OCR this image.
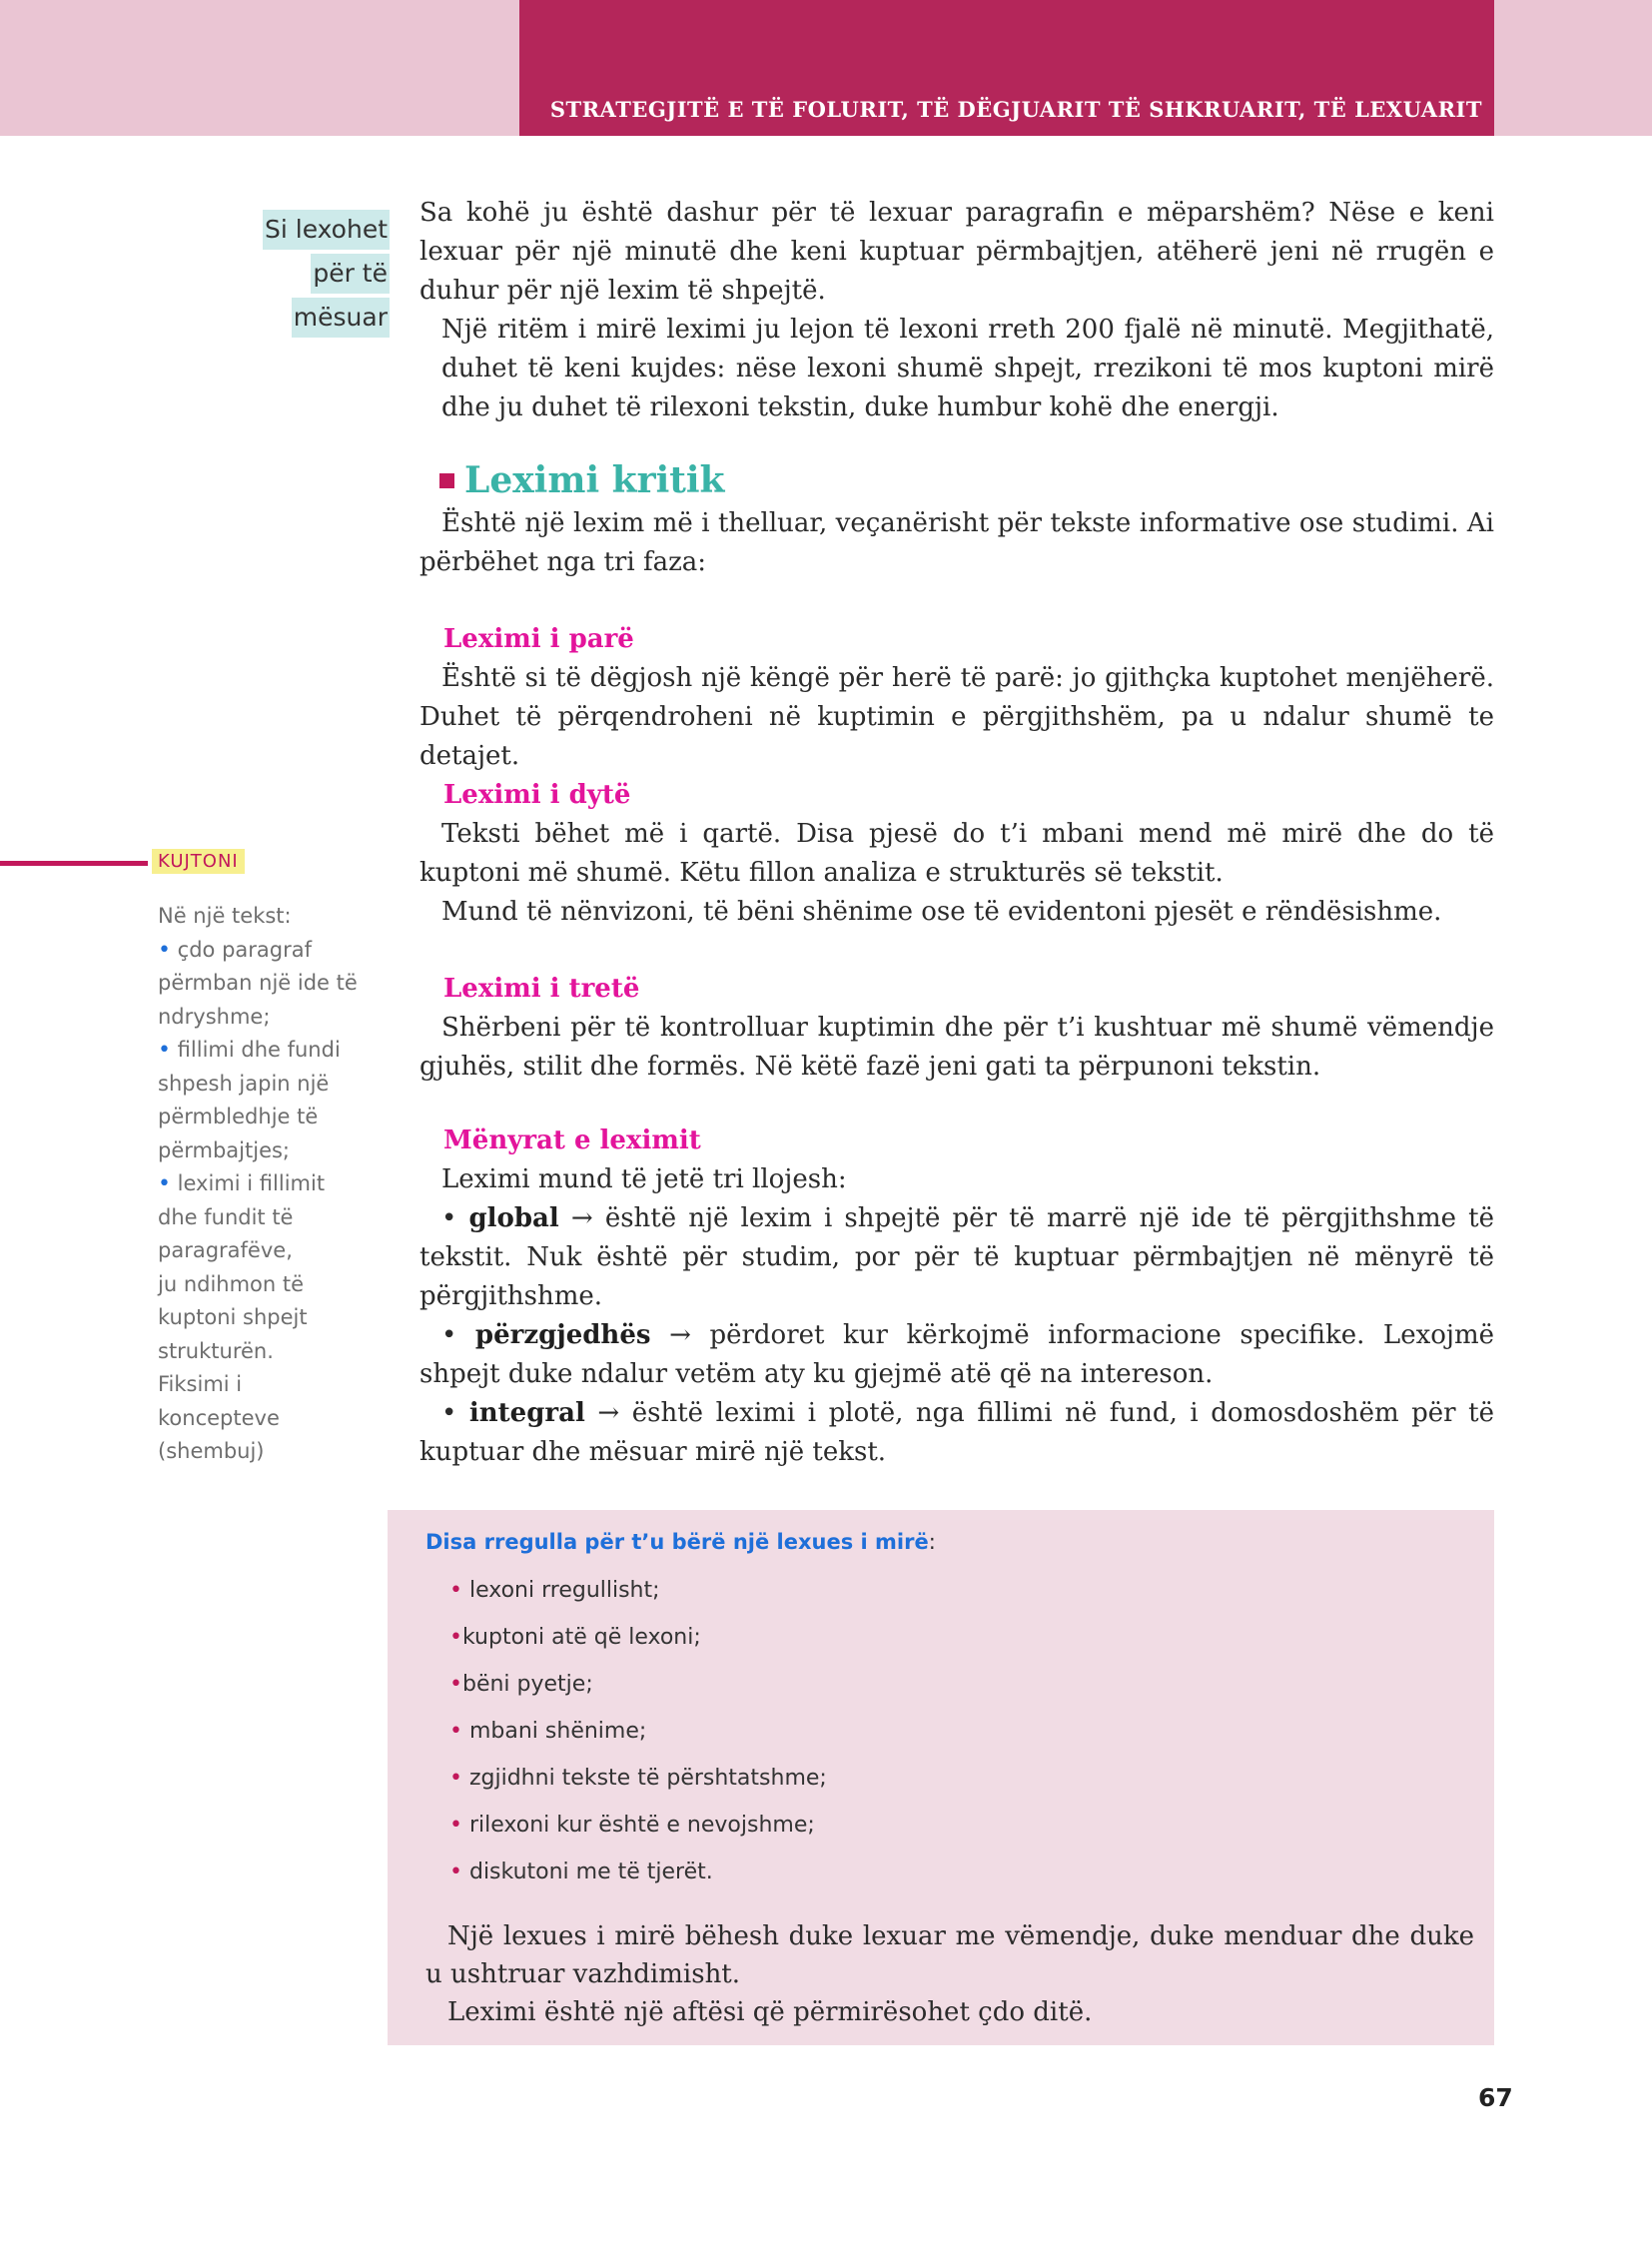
STRATEGJITË E TË FOLURIT, TË DËGJUARIT TË SHKRUARIT, TË LEXUARIT
Si lexohet
për të
mësuar

Sa kohë ju është dashur për të lexuar paragrafin e mëparshëm? Nëse e keni lexuar për një minutë dhe keni kuptuar përmbajtjen, atëherë jeni në rrugën e duhur për një lexim të shpejtë.

Një ritëm i mirë leximi ju lejon të lexoni rreth 200 fjalë në minutë. Megjithatë, duhet të keni kujdes: nëse lexoni shumë shpejt, rrezikoni të mos kuptoni mirë dhe ju duhet të rilexoni tekstin, duke humbur kohë dhe energji.

Leximi kritik

Është një lexim më i thelluar, veçanërisht për tekste informative ose studimi. Ai përbëhet nga tri faza:

Leximi i parë

Është si të dëgjosh një këngë për herë të parë: jo gjithçka kuptohet menjëherë. Duhet të përqendroheni në kuptimin e përgjithshëm, pa u ndalur shumë te detajet.

Leximi i dytë

Teksti bëhet më i qartë. Disa pjesë do t’i mbani mend më mirë dhe do të kuptoni më shumë. Këtu fillon analiza e strukturës së tekstit.

Mund të nënvizoni, të bëni shënime ose të evidentoni pjesët e rëndësishme.

Leximi i tretë

Shërbeni për të kontrolluar kuptimin dhe për t’i kushtuar më shumë vëmendje gjuhës, stilit dhe formës. Në këtë fazë jeni gati ta përpunoni tekstin.

Mënyrat e leximit

Leximi mund të jetë tri llojesh:

• global → është një lexim i shpejtë për të marrë një ide të përgjithshme të tekstit. Nuk është për studim, por për të kuptuar përmbajtjen në mënyrë të përgjithshme.

• përzgjedhës → përdoret kur kërkojmë informacione specifike. Lexojmë shpejt duke ndalur vetëm aty ku gjejmë atë që na intereson.

• integral → është leximi i plotë, nga fillimi në fund, i domosdoshëm për të kuptuar dhe mësuar mirë një tekst.

KUJTONI
Në një tekst:
• çdo paragraf
përmban një ide të
ndryshme;
• fillimi dhe fundi
shpesh japin një
përmbledhje të
përmbajtjes;
• leximi i fillimit
dhe fundit të
paragrafëve,
ju ndihmon të
kuptoni shpejt
strukturën.
Fiksimi i
koncepteve
(shembuj)
Disa rregulla për t’u bërë një lexues i mirë:
• lexoni rregullisht;
•kuptoni atë që lexoni;
•bëni pyetje;
• mbani shënime;
• zgjidhni tekste të përshtatshme;
• rilexoni kur është e nevojshme;
• diskutoni me të tjerët.
Një lexues i mirë bëhesh duke lexuar me vëmendje, duke menduar dhe duke u ushtruar vazhdimisht.
Leximi është një aftësi që përmirësohet çdo ditë.
67
